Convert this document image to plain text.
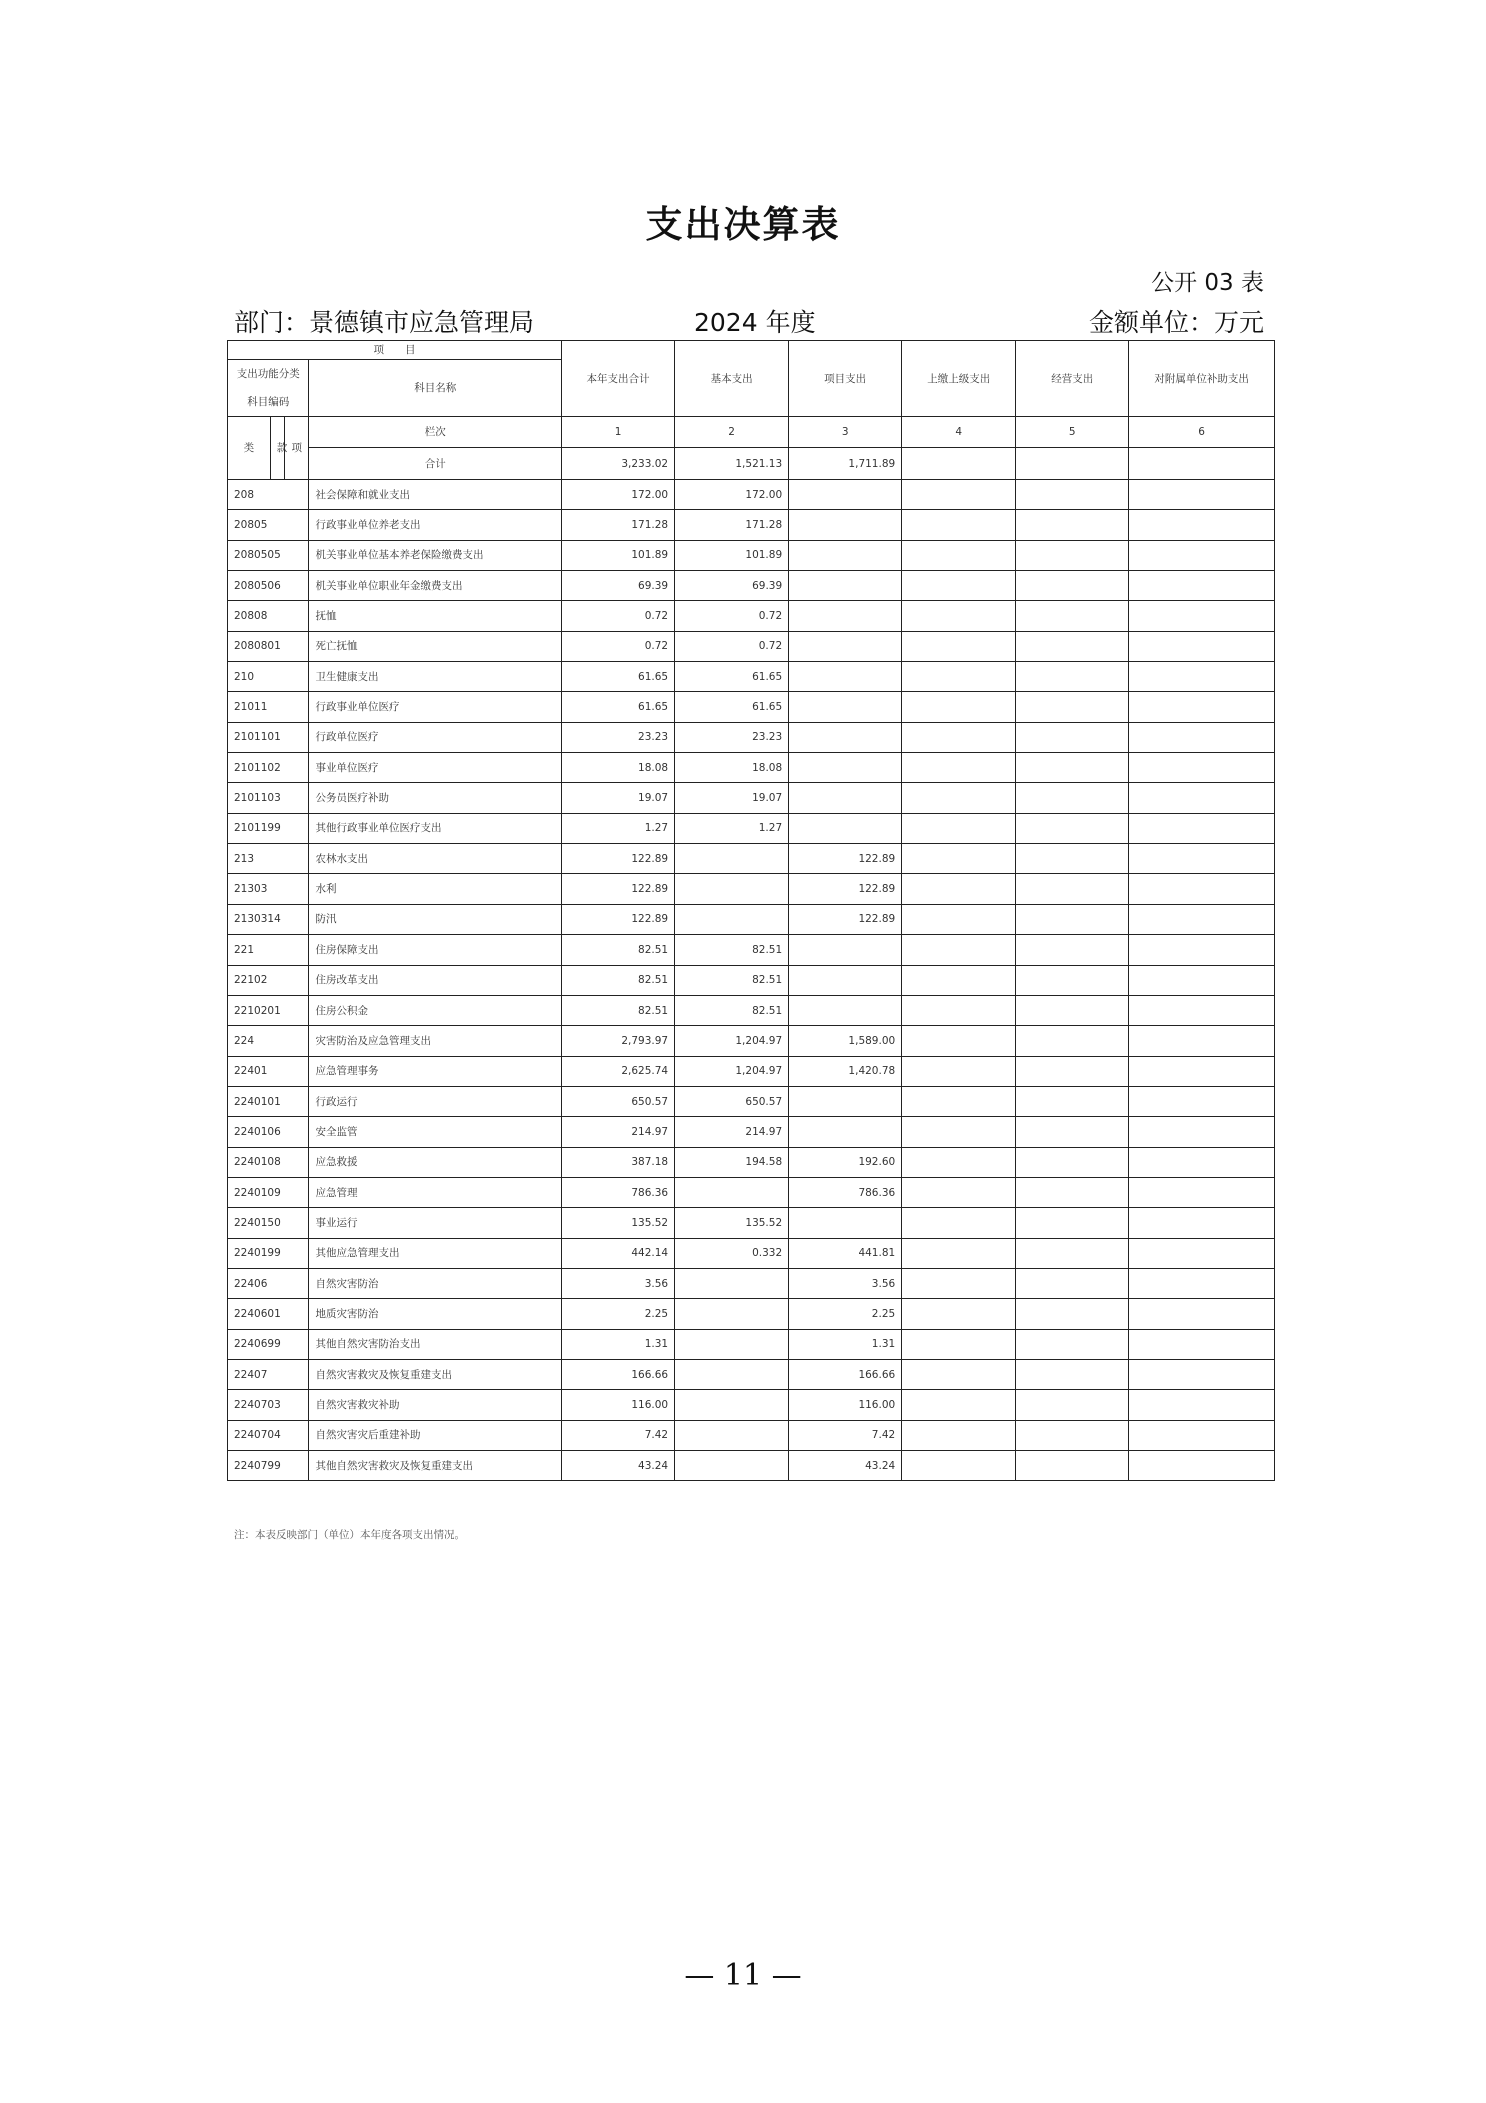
支出决算表
公开 03 表
部门：景德镇市应急管理局	2024 年度	金额单位：万元
项　　目				本年支出合计	基本支出	项目支出	上缴上级支出	经营支出	对附属单位补助支出
支出功能分类科目编码			科目名称						

类	款	项	栏次	1	2	3	4	5	6
			合计	3,233.02	1,521.13	1,711.89			
208			社会保障和就业支出	172.00	172.00				
20805			行政事业单位养老支出	171.28	171.28				
2080505			机关事业单位基本养老保险缴费支出	101.89	101.89				
2080506			机关事业单位职业年金缴费支出	69.39	69.39				
20808			抚恤	0.72	0.72				
2080801			死亡抚恤	0.72	0.72				
210			卫生健康支出	61.65	61.65				
21011			行政事业单位医疗	61.65	61.65				
2101101			行政单位医疗	23.23	23.23				
2101102			事业单位医疗	18.08	18.08				
2101103			公务员医疗补助	19.07	19.07				
2101199			其他行政事业单位医疗支出	1.27	1.27				
213			农林水支出	122.89		122.89			
21303			水利	122.89		122.89			
2130314			防汛	122.89		122.89			
221			住房保障支出	82.51	82.51				
22102			住房改革支出	82.51	82.51				
2210201			住房公积金	82.51	82.51				
224			灾害防治及应急管理支出	2,793.97	1,204.97	1,589.00			
22401			应急管理事务	2,625.74	1,204.97	1,420.78			
2240101			行政运行	650.57	650.57				
2240106			安全监管	214.97	214.97				
2240108			应急救援	387.18	194.58	192.60			
2240109			应急管理	786.36		786.36			
2240150			事业运行	135.52	135.52				
2240199			其他应急管理支出	442.14	0.332	441.81			
22406			自然灾害防治	3.56		3.56			
2240601			地质灾害防治	2.25		2.25			
2240699			其他自然灾害防治支出	1.31		1.31			
22407			自然灾害救灾及恢复重建支出	166.66		166.66			
2240703			自然灾害救灾补助	116.00		116.00			
2240704			自然灾害灾后重建补助	7.42		7.42			
2240799			其他自然灾害救灾及恢复重建支出	43.24		43.24			
注：本表反映部门（单位）本年度各项支出情况。
— 11 —
